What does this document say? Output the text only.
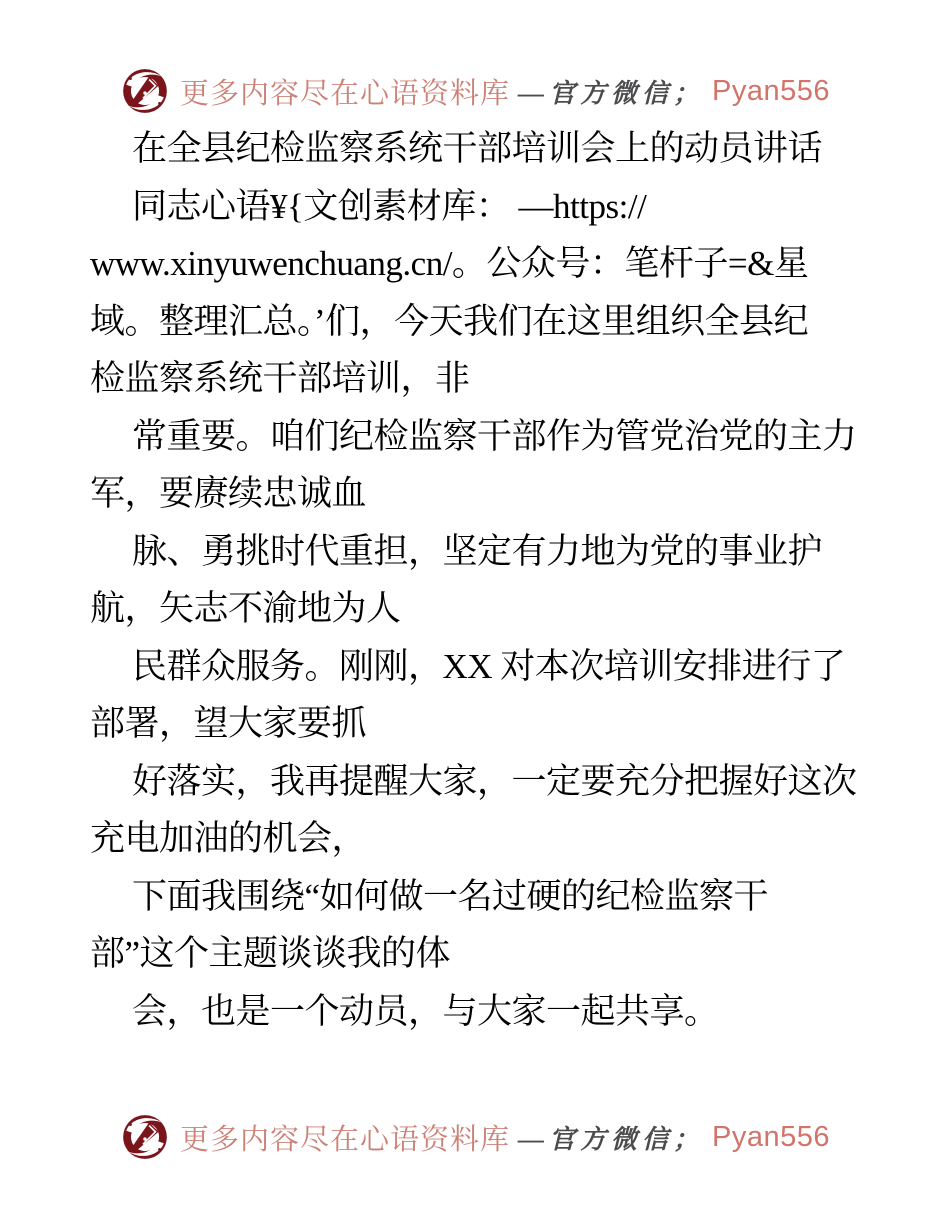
更多内容尽在心语资料库 —官方微信； Pyan556
在全县纪检监察系统干部培训会上的动员讲话
同志心语¥{文创素材库： —https://
www.xinyuwenchuang.cn/。公众号：笔杆子=&星
域。整理汇总。’们，今天我们在这里组织全县纪
检监察系统干部培训，非
常重要。咱们纪检监察干部作为管党治党的主力
军，要赓续忠诚血
脉、勇挑时代重担，坚定有力地为党的事业护
航，矢志不渝地为人
民群众服务。刚刚，XX 对本次培训安排进行了
部署，望大家要抓
好落实，我再提醒大家，一定要充分把握好这次
充电加油的机会，
下面我围绕“如何做一名过硬的纪检监察干
部”这个主题谈谈我的体
会，也是一个动员，与大家一起共享。
更多内容尽在心语资料库 —官方微信； Pyan556
